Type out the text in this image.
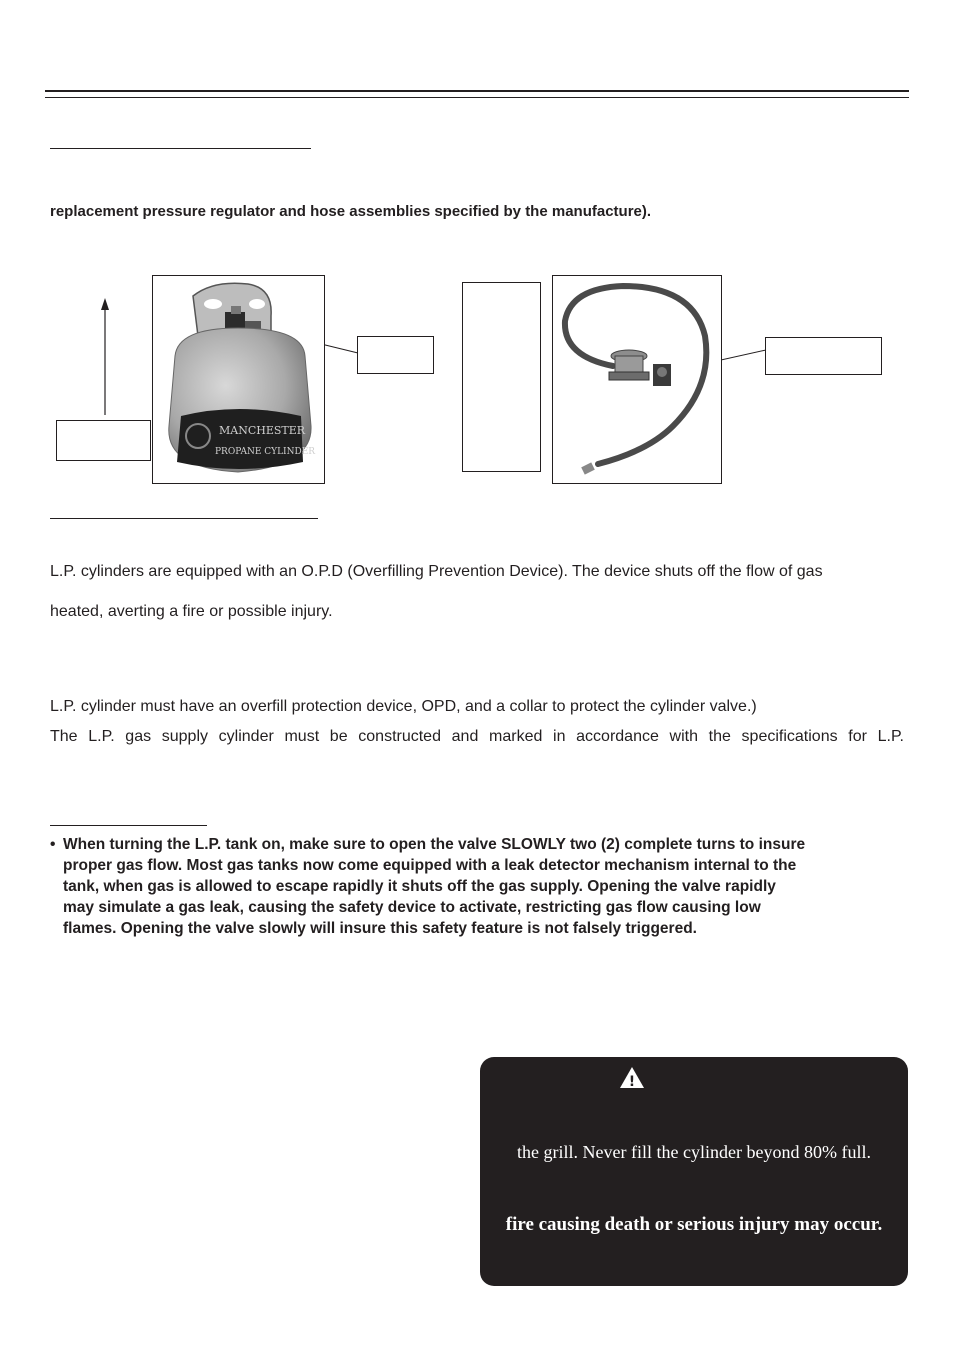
replacement pressure regulator and hose assemblies specified by the manufacture).
MANCHESTER
PROPANE CYLINDER
L.P. cylinders are equipped with an O.P.D (Overfilling Prevention Device). The device shuts off the flow of gas
heated, averting a fire or possible injury.
L.P. cylinder must have an overfill protection device, OPD, and a collar to protect the cylinder valve.)
The L.P. gas supply cylinder must be constructed and marked in accordance with the specifications for L.P.
• When turning the L.P. tank on, make sure to open the valve SLOWLY two (2) complete turns to insure
proper gas flow. Most gas tanks now come equipped with a leak detector mechanism internal to the
tank, when gas is allowed to escape rapidly it shuts off the gas supply. Opening the valve rapidly
may simulate a gas leak, causing the safety device to activate, restricting gas flow causing low
flames. Opening the valve slowly will insure this safety feature is not falsely triggered.
!
the grill. Never fill the cylinder beyond 80% full.
fire causing death or serious injury may occur.
